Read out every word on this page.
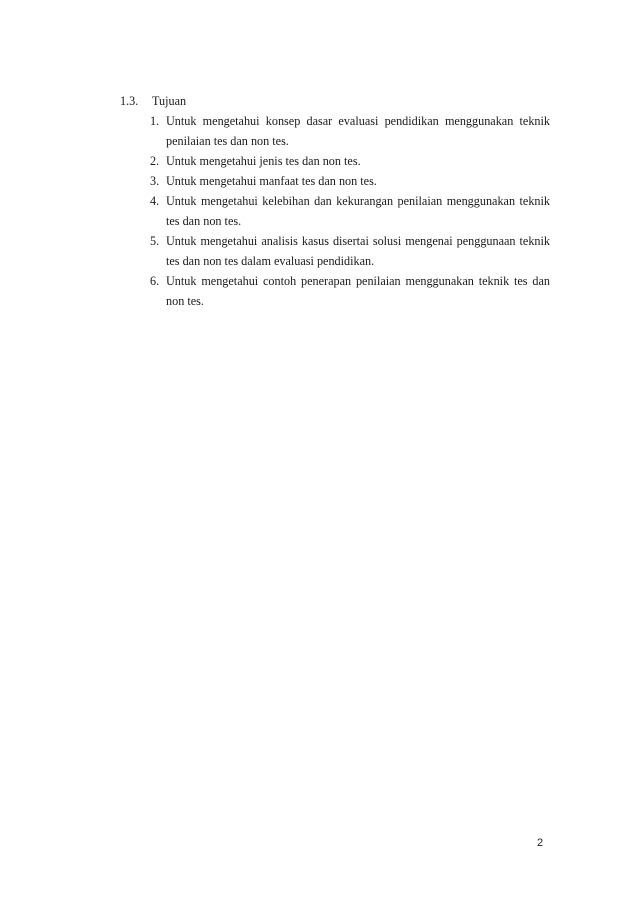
1.3.	Tujuan
1. Untuk mengetahui konsep dasar evaluasi pendidikan menggunakan teknik penilaian tes dan non tes.
2. Untuk mengetahui jenis tes dan non tes.
3. Untuk mengetahui manfaat tes dan non tes.
4. Untuk mengetahui kelebihan dan kekurangan penilaian menggunakan teknik tes dan non tes.
5. Untuk mengetahui analisis kasus disertai solusi mengenai penggunaan teknik tes dan non tes dalam evaluasi pendidikan.
6. Untuk mengetahui contoh penerapan penilaian menggunakan teknik tes dan non tes.
2
